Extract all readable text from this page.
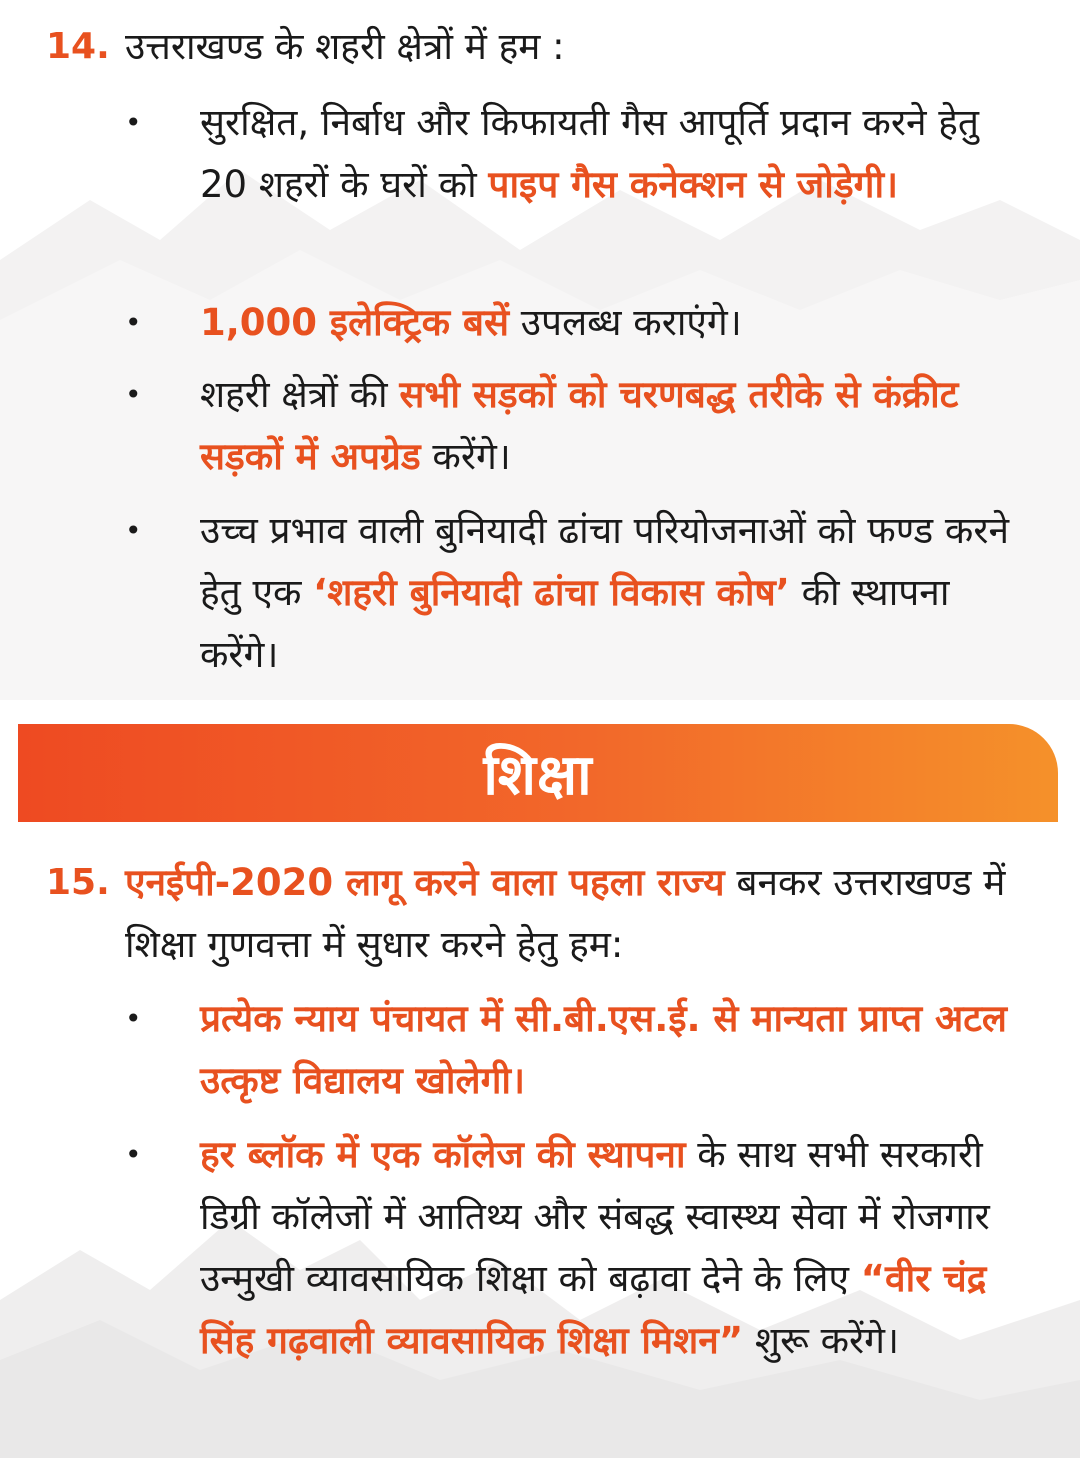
14. उत्तराखण्ड के शहरी क्षेत्रों में हम :
• सुरक्षित, निर्बाध और किफायती गैस आपूर्ति प्रदान करने हेतु 20 शहरों के घरों को पाइप गैस कनेक्शन से जोड़ेगी।
• 1,000 इलेक्ट्रिक बसें उपलब्ध कराएंगे।
• शहरी क्षेत्रों की सभी सड़कों को चरणबद्ध तरीके से कंक्रीट सड़कों में अपग्रेड करेंगे।
• उच्च प्रभाव वाली बुनियादी ढांचा परियोजनाओं को फण्ड करने हेतु एक ‘शहरी बुनियादी ढांचा विकास कोष’ की स्थापना करेंगे।
शिक्षा
15. एनईपी-2020 लागू करने वाला पहला राज्य बनकर उत्तराखण्ड में शिक्षा गुणवत्ता में सुधार करने हेतु हम:
• प्रत्येक न्याय पंचायत में सी.बी.एस.ई. से मान्यता प्राप्त अटल उत्कृष्ट विद्यालय खोलेगी।
• हर ब्लॉक में एक कॉलेज की स्थापना के साथ सभी सरकारी डिग्री कॉलेजों में आतिथ्य और संबद्ध स्वास्थ्य सेवा में रोजगार उन्मुखी व्यावसायिक शिक्षा को बढ़ावा देने के लिए “वीर चंद्र सिंह गढ़वाली व्यावसायिक शिक्षा मिशन” शुरू करेंगे।
